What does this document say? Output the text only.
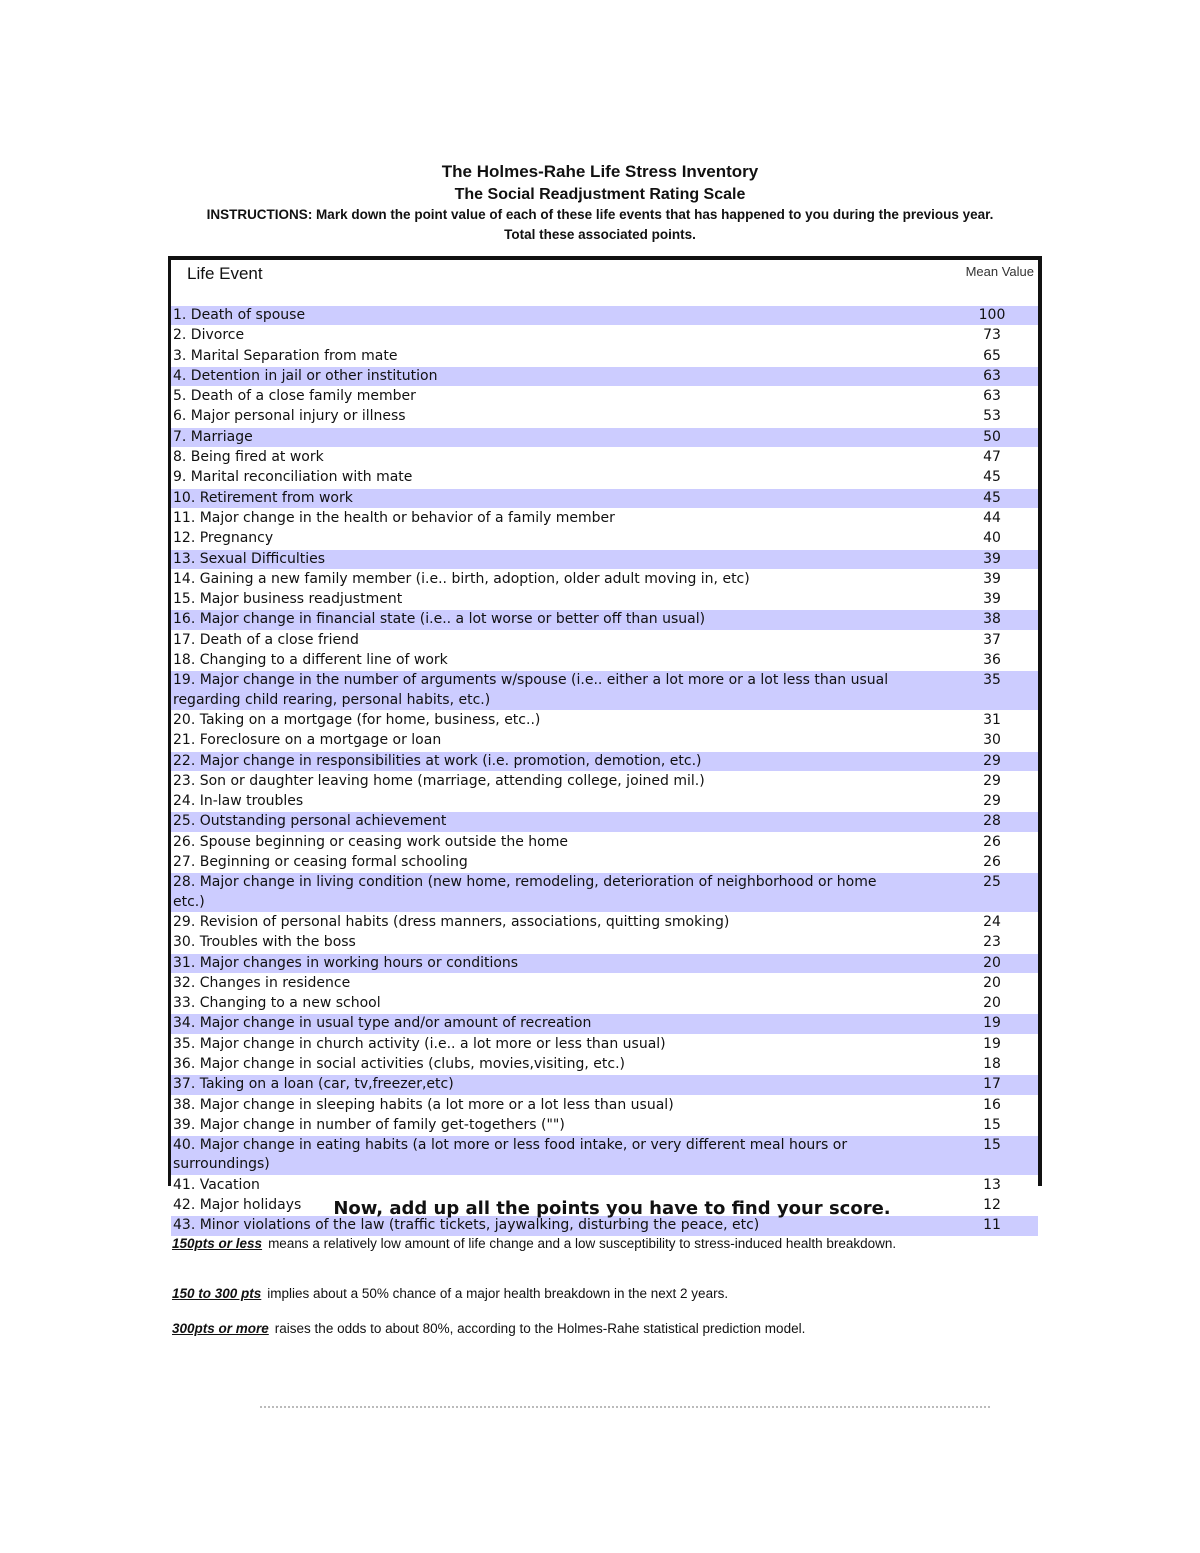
The Holmes-Rahe Life Stress Inventory

The Social Readjustment Rating Scale

INSTRUCTIONS: Mark down the point value of each of these life events that has happened to you during the previous year. Total these associated points.

Life Event	Mean Value
1. Death of spouse	100
2. Divorce	73
3. Marital Separation from mate	65
4. Detention in jail or other institution	63
5. Death of a close family member	63
6. Major personal injury or illness	53
7. Marriage	50
8. Being fired at work	47
9. Marital reconciliation with mate	45
10. Retirement from work	45
11. Major change in the health or behavior of a family member	44
12. Pregnancy	40
13. Sexual Difficulties	39
14. Gaining a new family member (i.e.. birth, adoption, older adult moving in, etc)	39
15. Major business readjustment	39
16. Major change in financial state (i.e.. a lot worse or better off than usual)	38
17. Death of a close friend	37
18. Changing to a different line of work	36
19. Major change in the number of arguments w/spouse (i.e.. either a lot more or a lot less than usual regarding child rearing, personal habits, etc.)
35
20. Taking on a mortgage (for home, business, etc..)	31
21. Foreclosure on a mortgage or loan	30
22. Major change in responsibilities at work (i.e. promotion, demotion, etc.)	29
23. Son or daughter leaving home (marriage, attending college, joined mil.)	29
24. In-law troubles	29
25. Outstanding personal achievement	28
26. Spouse beginning or ceasing work outside the home	26
27. Beginning or ceasing formal schooling	26
28. Major change in living condition (new home, remodeling, deterioration of neighborhood or home etc.)
25
29. Revision of personal habits (dress manners, associations, quitting smoking)	24
30. Troubles with the boss	23
31. Major changes in working hours or conditions	20
32. Changes in residence	20
33. Changing to a new school	20
34. Major change in usual type and/or amount of recreation	19
35. Major change in church activity (i.e.. a lot more or less than usual)	19
36. Major change in social activities (clubs, movies,visiting, etc.)	18
37. Taking on a loan (car, tv,freezer,etc)	17
38. Major change in sleeping habits (a lot more or a lot less than usual)	16
39. Major change in number of family get-togethers ("")	15
40. Major change in eating habits (a lot more or less food intake, or very different meal hours or surroundings)
15
41. Vacation	13
42. Major holidays	12
43. Minor violations of the law (traffic tickets, jaywalking, disturbing the peace, etc)	11
Now, add up all the points you have to find your score.

150pts or less means a relatively low amount of life change and a low susceptibility to stress-induced health breakdown.

150 to 300 pts implies about a 50% chance of a major health breakdown in the next 2 years.

300pts or more raises the odds to about 80%, according to the Holmes-Rahe statistical prediction model.
